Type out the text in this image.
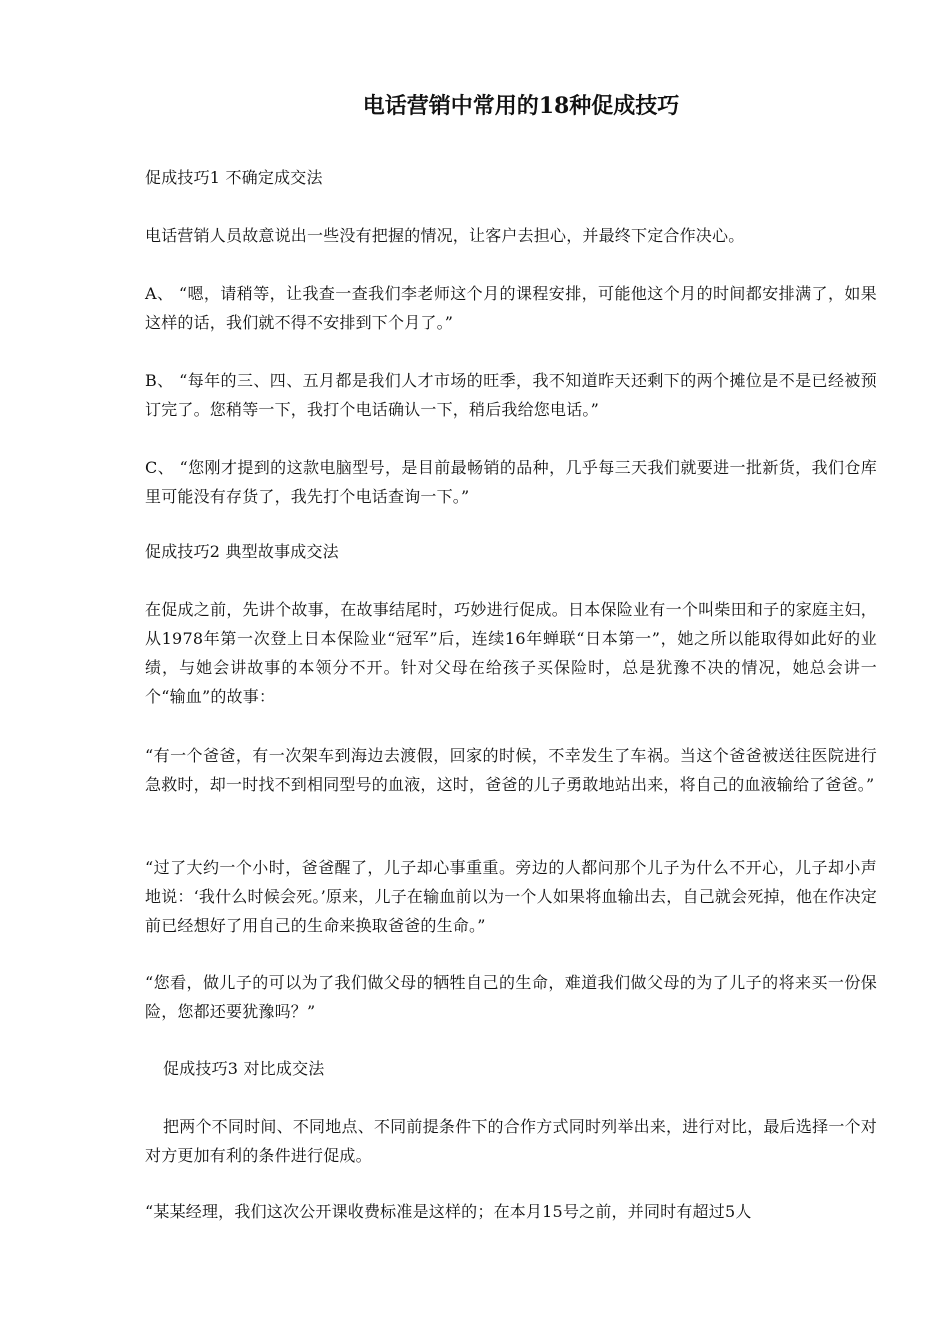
电话营销中常用的18种促成技巧

促成技巧1 不确定成交法

电话营销人员故意说出一些没有把握的情况，让客户去担心，并最终下定合作决心。

A、 “嗯，请稍等，让我查一查我们李老师这个月的课程安排，可能他这个月的时间都安排满了，如果这样的话，我们就不得不安排到下个月了。”

B、 “每年的三、四、五月都是我们人才市场的旺季，我不知道昨天还剩下的两个摊位是不是已经被预订完了。您稍等一下，我打个电话确认一下，稍后我给您电话。”

C、 “您刚才提到的这款电脑型号，是目前最畅销的品种，几乎每三天我们就要进一批新货，我们仓库里可能没有存货了，我先打个电话查询一下。”

促成技巧2 典型故事成交法

在促成之前，先讲个故事，在故事结尾时，巧妙进行促成。日本保险业有一个叫柴田和子的家庭主妇，从1978年第一次登上日本保险业“冠军”后，连续16年蝉联“日本第一”，她之所以能取得如此好的业绩，与她会讲故事的本领分不开。针对父母在给孩子买保险时，总是犹豫不决的情况，她总会讲一个“输血”的故事：

“有一个爸爸，有一次架车到海边去渡假，回家的时候，不幸发生了车祸。当这个爸爸被送往医院进行急救时，却一时找不到相同型号的血液，这时，爸爸的儿子勇敢地站出来，将自己的血液输给了爸爸。”

“过了大约一个小时，爸爸醒了，儿子却心事重重。旁边的人都问那个儿子为什么不开心，儿子却小声地说：‘我什么时候会死。’原来，儿子在输血前以为一个人如果将血输出去，自己就会死掉，他在作决定前已经想好了用自己的生命来换取爸爸的生命。”

“您看，做儿子的可以为了我们做父母的牺牲自己的生命，难道我们做父母的为了儿子的将来买一份保险，您都还要犹豫吗？”

促成技巧3 对比成交法

把两个不同时间、不同地点、不同前提条件下的合作方式同时列举出来，进行对比，最后选择一个对对方更加有利的条件进行促成。

“某某经理，我们这次公开课收费标准是这样的；在本月15号之前，并同时有超过5人
